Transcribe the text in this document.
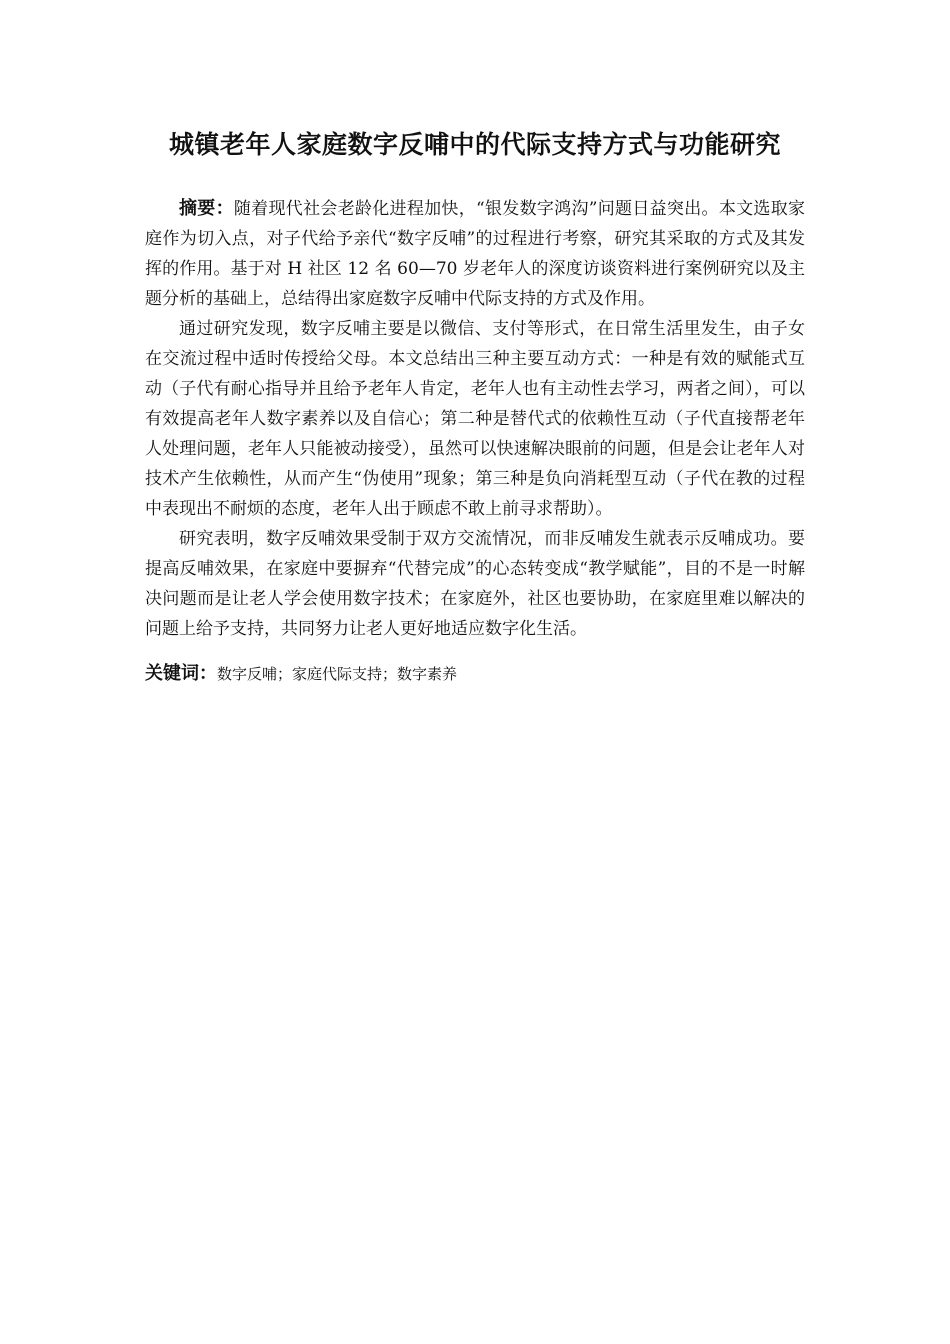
城镇老年人家庭数字反哺中的代际支持方式与功能研究

摘要：随着现代社会老龄化进程加快，“银发数字鸿沟”问题日益突出。本文选取家庭作为切入点，对子代给予亲代“数字反哺”的过程进行考察，研究其采取的方式及其发挥的作用。基于对 H 社区 12 名 60—70 岁老年人的深度访谈资料进行案例研究以及主题分析的基础上，总结得出家庭数字反哺中代际支持的方式及作用。

通过研究发现，数字反哺主要是以微信、支付等形式，在日常生活里发生，由子女在交流过程中适时传授给父母。本文总结出三种主要互动方式：一种是有效的赋能式互动（子代有耐心指导并且给予老年人肯定，老年人也有主动性去学习，两者之间），可以有效提高老年人数字素养以及自信心；第二种是替代式的依赖性互动（子代直接帮老年人处理问题，老年人只能被动接受），虽然可以快速解决眼前的问题，但是会让老年人对技术产生依赖性，从而产生“伪使用”现象；第三种是负向消耗型互动（子代在教的过程中表现出不耐烦的态度，老年人出于顾虑不敢上前寻求帮助）。

研究表明，数字反哺效果受制于双方交流情况，而非反哺发生就表示反哺成功。要提高反哺效果，在家庭中要摒弃“代替完成”的心态转变成“教学赋能”，目的不是一时解决问题而是让老人学会使用数字技术；在家庭外，社区也要协助，在家庭里难以解决的问题上给予支持，共同努力让老人更好地适应数字化生活。

关键词：数字反哺；家庭代际支持；数字素养
